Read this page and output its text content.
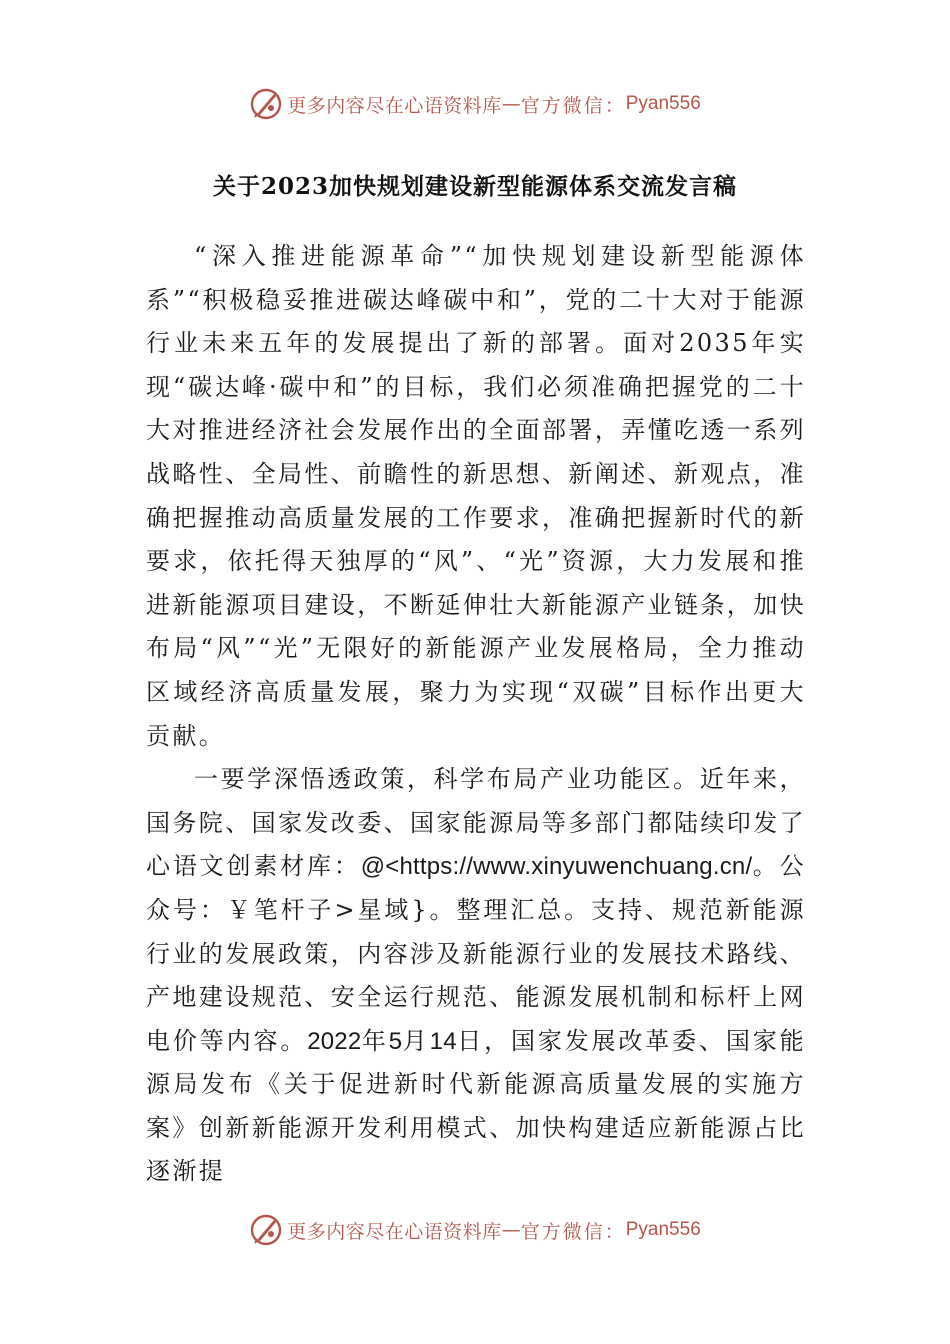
更多内容尽在心语资料库 — 官方微信： Pyan556
关于2023加快规划建设新型能源体系交流发言稿

“深入推进能源革命”“加快规划建设新型能源体系”“积极稳妥推进碳达峰碳中和”，党的二十大对于能源行业未来五年的发展提出了新的部署。面对2035年实现“碳达峰·碳中和”的目标，我们必须准确把握党的二十大对推进经济社会发展作出的全面部署，弄懂吃透一系列战略性、全局性、前瞻性的新思想、新阐述、新观点，准确把握推动高质量发展的工作要求，准确把握新时代的新要求，依托得天独厚的“风”、“光”资源，大力发展和推进新能源项目建设，不断延伸壮大新能源产业链条，加快布局“风”“光”无限好的新能源产业发展格局，全力推动区域经济高质量发展，聚力为实现“双碳”目标作出更大贡献。

一要学深悟透政策，科学布局产业功能区。近年来，国务院、国家发改委、国家能源局等多部门都陆续印发了心语文创素材库：@<https://www.xinyuwenchuang.cn/。公众号：￥笔杆子>星域}。整理汇总。支持、规范新能源行业的发展政策，内容涉及新能源行业的发展技术路线、产地建设规范、安全运行规范、能源发展机制和标杆上网电价等内容。2022年5月14日，国家发展改革委、国家能源局发布《关于促进新时代新能源高质量发展的实施方案》创新新能源开发利用模式、加快构建适应新能源占比逐渐提

更多内容尽在心语资料库 — 官方微信： Pyan556
